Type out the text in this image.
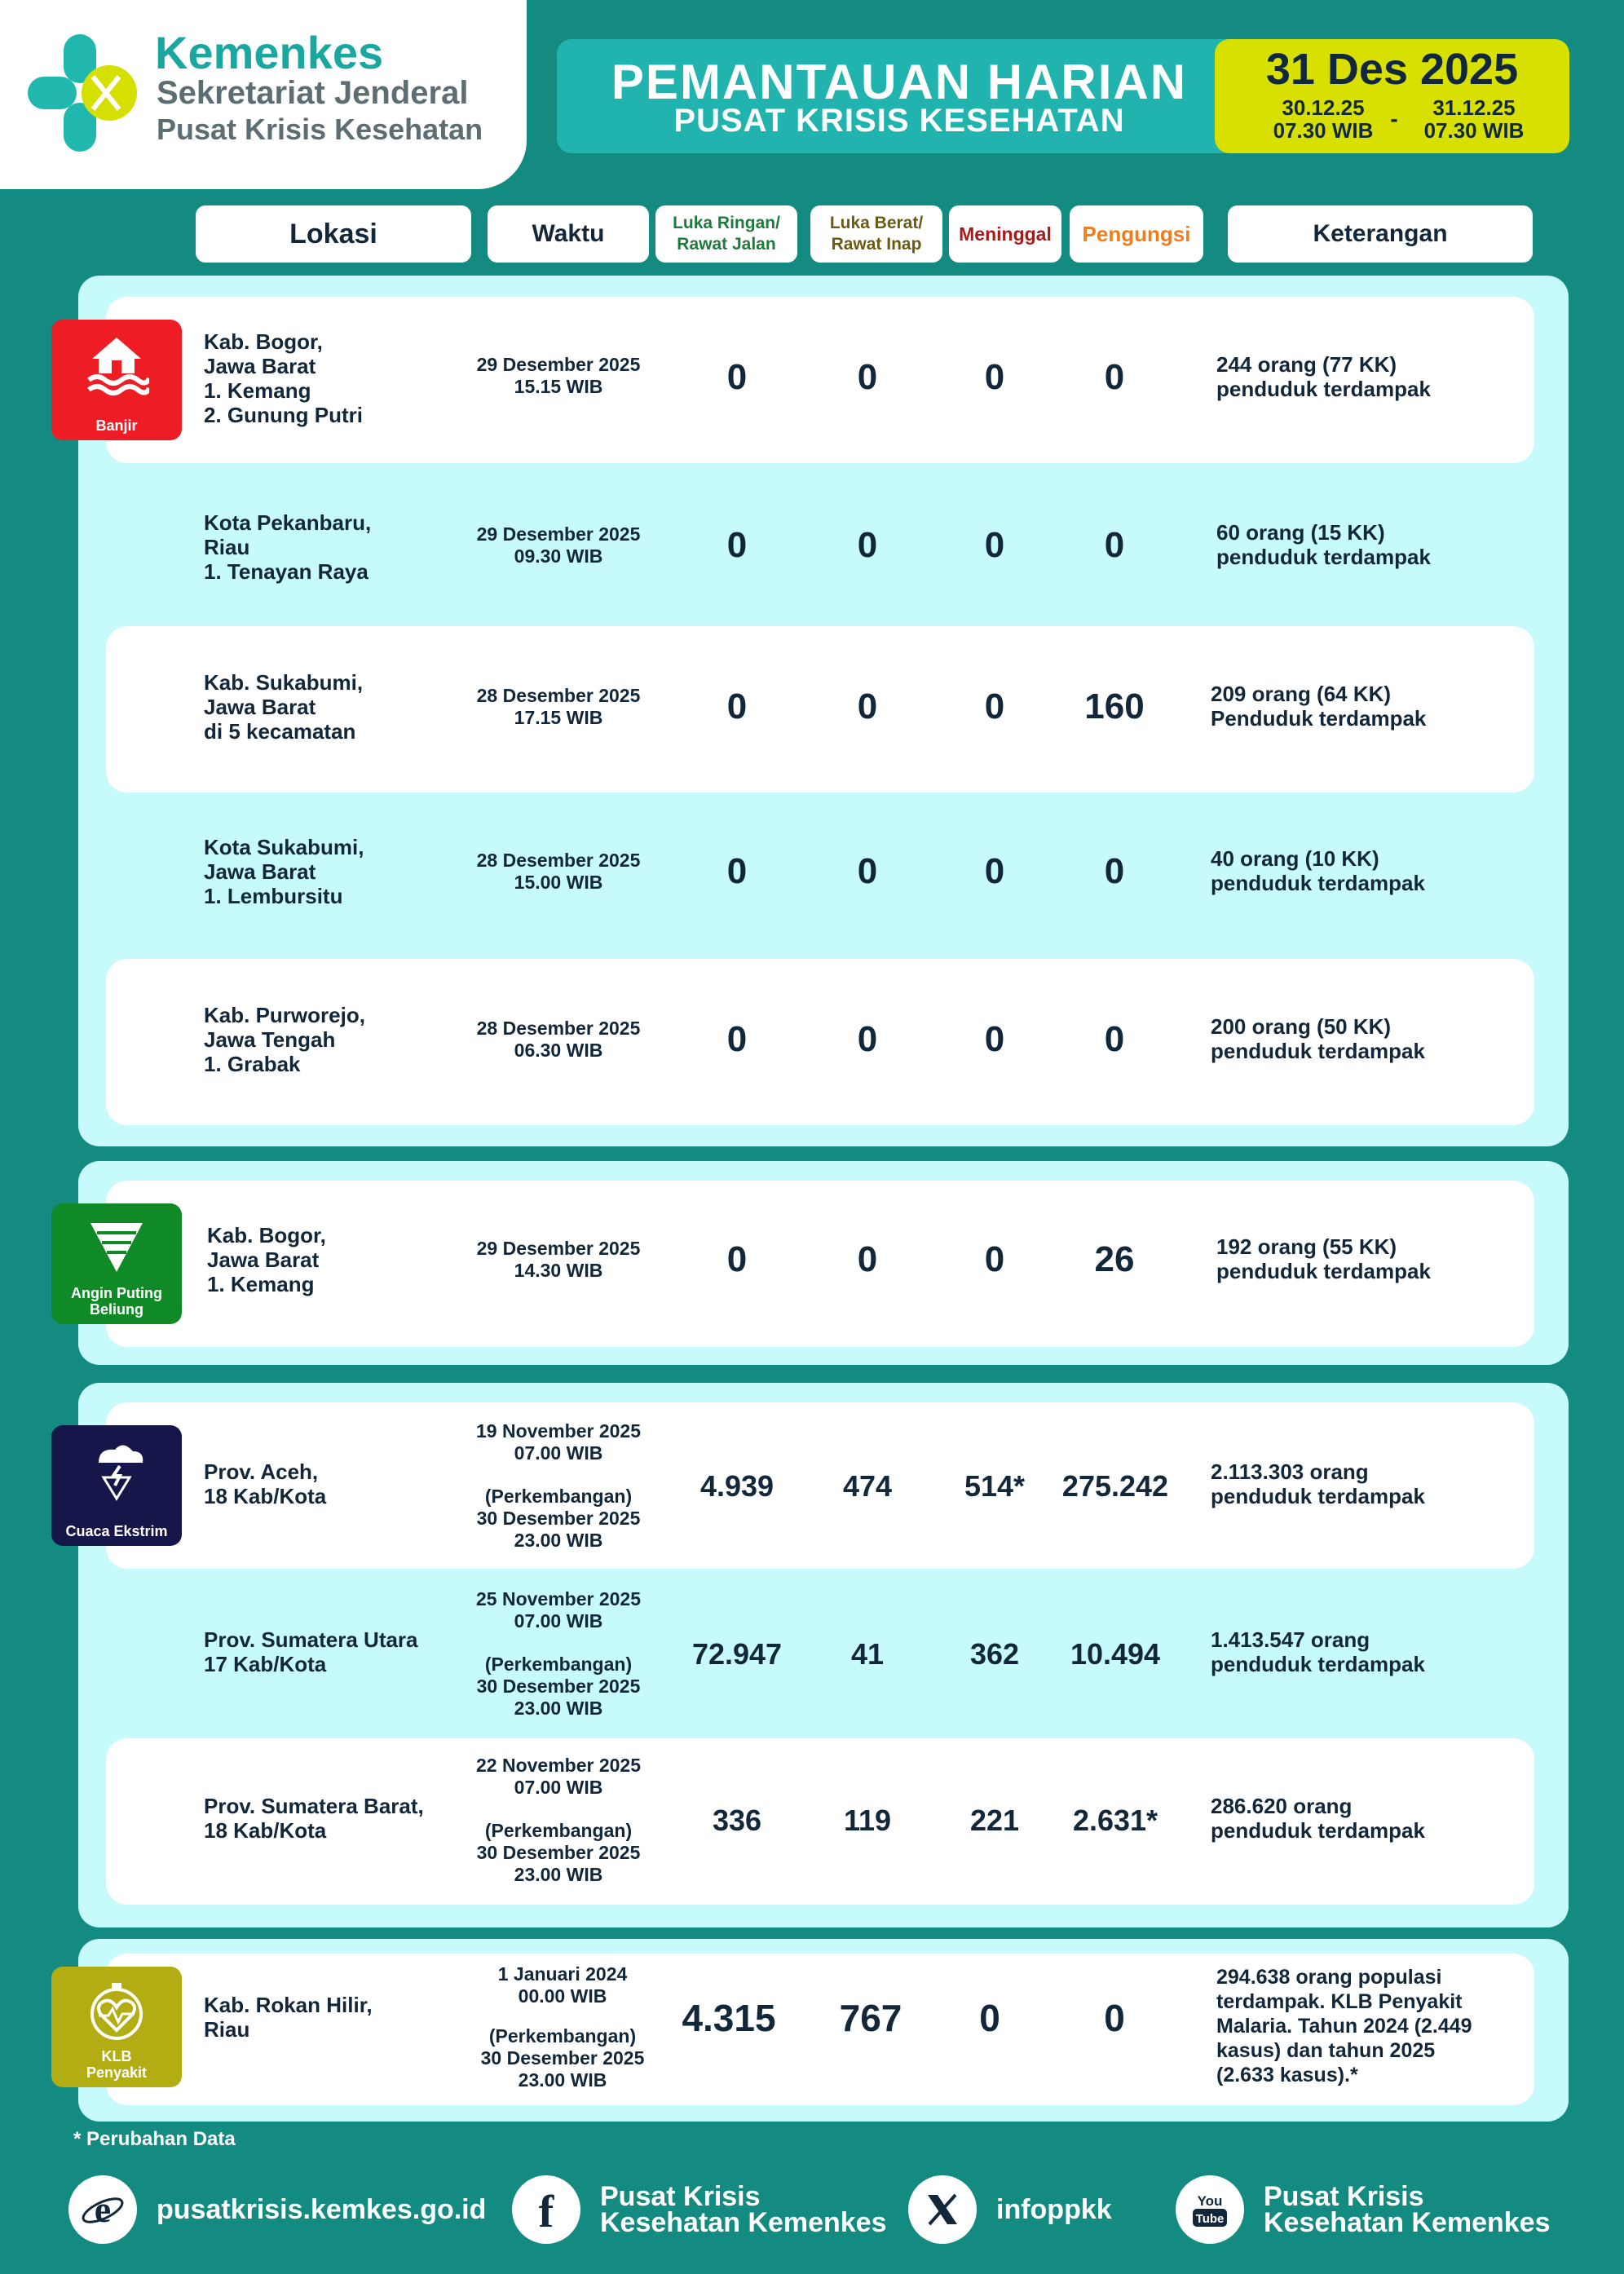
Kemenkes
Sekretariat Jenderal
Pusat Krisis Kesehatan
PEMANTAUAN HARIAN
PUSAT KRISIS KESEHATAN
31 Des 2025
30.12.25
07.30 WIB -	31.12.25
07.30 WIB
Lokasi	Waktu	Luka Ringan/
Rawat Jalan
Luka Berat/
Rawat Inap	Meninggal	Pengungsi	Keterangan
Banjir
Angin Puting
Beliung
Cuaca Ekstrim
KLB
Penyakit
Kab. Bogor,
Jawa Barat
1. Kemang
2. Gunung Putri
29 Desember 2025
15.15 WIB	0	0	0	0	244 orang (77 KK)
penduduk terdampak
Kota Pekanbaru,
Riau
1. Tenayan Raya
29 Desember 2025
09.30 WIB	0	0	0	0	60 orang (15 KK)
penduduk terdampak
Kab. Sukabumi,
Jawa Barat
di 5 kecamatan
28 Desember 2025
17.15 WIB	0	0	0	160	209 orang (64 KK)
Penduduk terdampak
Kota Sukabumi,
Jawa Barat
1. Lembursitu
28 Desember 2025
15.00 WIB	0	0	0	0	40 orang (10 KK)
penduduk terdampak
Kab. Purworejo,
Jawa Tengah
1. Grabak
28 Desember 2025
06.30 WIB	0	0	0	0	200 orang (50 KK)
penduduk terdampak
Kab. Bogor,
Jawa Barat
1. Kemang
29 Desember 2025
14.30 WIB	0	0	0	26	192 orang (55 KK)
penduduk terdampak
Prov. Aceh,
18 Kab/Kota
19 November 2025
07.00 WIB
(Perkembangan)
30 Desember 2025
23.00 WIB
4.939	474	514*	275.242	2.113.303 orang
penduduk terdampak
Prov. Sumatera Utara
17 Kab/Kota
25 November 2025
07.00 WIB
(Perkembangan)
30 Desember 2025
23.00 WIB
72.947	41	362	10.494	1.413.547 orang
penduduk terdampak
Prov. Sumatera Barat,
18 Kab/Kota
22 November 2025
07.00 WIB
(Perkembangan)
30 Desember 2025
23.00 WIB
336	119	221	2.631*	286.620 orang
penduduk terdampak
Kab. Rokan Hilir,
Riau
1 Januari 2024
00.00 WIB
(Perkembangan)
30 Desember 2025
23.00 WIB
4.315	767	0	0
294.638 orang populasi
terdampak. KLB Penyakit
Malaria. Tahun 2024 (2.449
kasus) dan tahun 2025
(2.633 kasus).*
* Perubahan Data
e pusatkrisis.kemkes.go.id f Pusat Krisis
Kesehatan Kemenkes	infoppkk	You
Tube
Pusat Krisis
Kesehatan Kemenkes
